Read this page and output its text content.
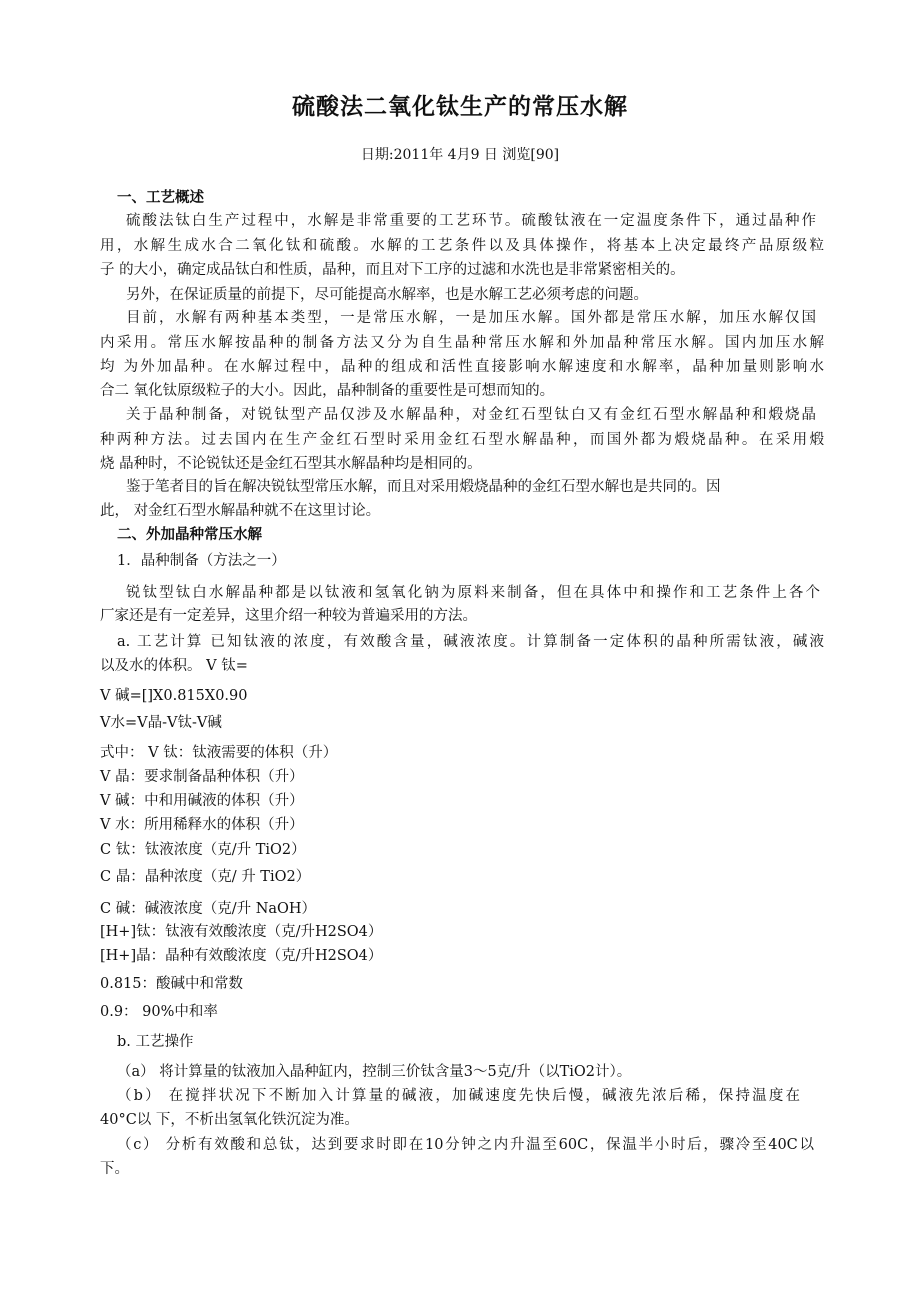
硫酸法二氧化钛生产的常压水解
日期:2011年 4月9 日 浏览[90]
一、工艺概述
硫酸法钛白生产过程中，水解是非常重要的工艺环节。硫酸钛液在一定温度条件下，通过晶种作
用，水解生成水合二氧化钛和硫酸。水解的工艺条件以及具体操作，将基本上决定最终产品原级粒
子 的大小，确定成品钛白和性质，晶种，而且对下工序的过滤和水洗也是非常紧密相关的。
另外，在保证质量的前提下，尽可能提高水解率，也是水解工艺必须考虑的问题。
目前，水解有两种基本类型，一是常压水解，一是加压水解。国外都是常压水解，加压水解仅国
内采用。常压水解按晶种的制备方法又分为自生晶种常压水解和外加晶种常压水解。国内加压水解
均 为外加晶种。在水解过程中，晶种的组成和活性直接影响水解速度和水解率，晶种加量则影响水
合二 氧化钛原级粒子的大小。因此，晶种制备的重要性是可想而知的。
关于晶种制备，对锐钛型产品仅涉及水解晶种，对金红石型钛白又有金红石型水解晶种和煅烧晶
种两种方法。过去国内在生产金红石型时采用金红石型水解晶种，而国外都为煅烧晶种。在采用煅
烧 晶种时，不论锐钛还是金红石型其水解晶种均是相同的。
鉴于笔者目的旨在解决锐钛型常压水解，而且对采用煅烧晶种的金红石型水解也是共同的。因
此， 对金红石型水解晶种就不在这里讨论。
二、外加晶种常压水解
1．晶种制备（方法之一）
锐钛型钛白水解晶种都是以钛液和氢氧化钠为原料来制备，但在具体中和操作和工艺条件上各个
厂家还是有一定差异，这里介绍一种较为普遍采用的方法。
a. 工艺计算 已知钛液的浓度，有效酸含量，碱液浓度。计算制备一定体积的晶种所需钛液，碱液
以及水的体积。 V 钛=
V 碱=[]X0.815X0.90
V水=V晶-V钛-V碱
式中： V 钛：钛液需要的体积（升）
V 晶：要求制备晶种体积（升）
V 碱：中和用碱液的体积（升）
V 水：所用稀释水的体积（升）
C 钛：钛液浓度（克/升 TiO2）
C 晶：晶种浓度（克/ 升 TiO2）
C 碱：碱液浓度（克/升 NaOH）
[H+]钛：钛液有效酸浓度（克/升H2SO4）
[H+]晶：晶种有效酸浓度（克/升H2SO4）
0.815：酸碱中和常数
0.9： 90%中和率
b. 工艺操作
（a） 将计算量的钛液加入晶种缸内，控制三价钛含量3～5克/升（以TiO2计）。
（b） 在搅拌状况下不断加入计算量的碱液，加碱速度先快后慢，碱液先浓后稀，保持温度在
40°C以 下，不析出氢氧化铁沉淀为准。
（c） 分析有效酸和总钛，达到要求时即在10分钟之内升温至60C，保温半小时后，骤冷至40C以
下。
